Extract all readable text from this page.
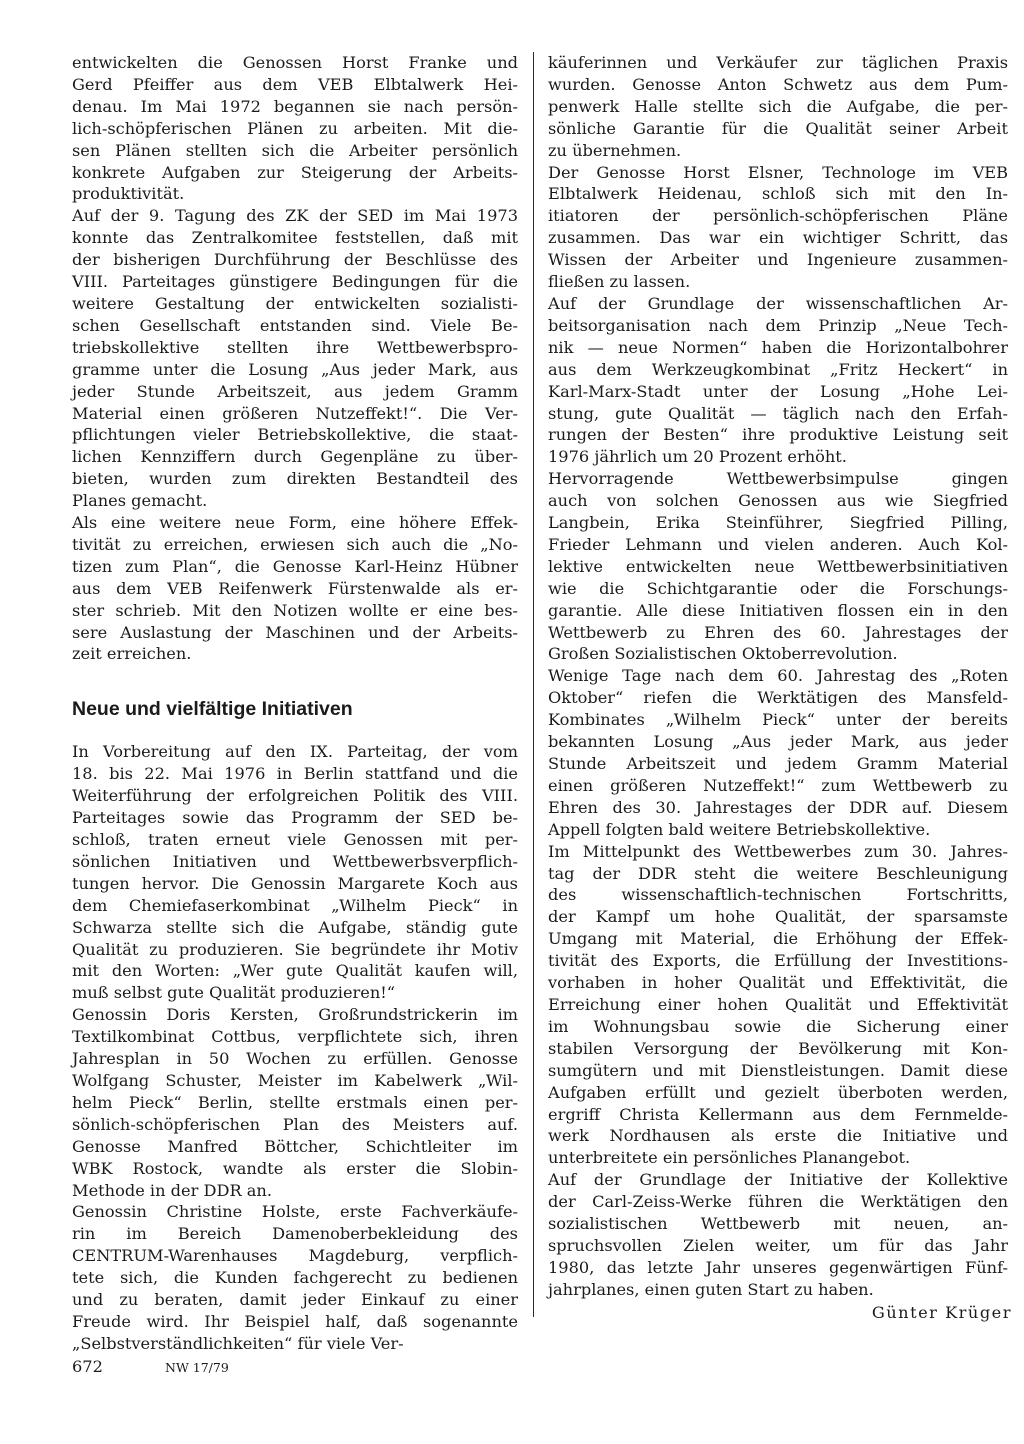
entwickelten die Genossen Horst Franke und
Gerd Pfeiffer aus dem VEB Elbtalwerk Hei-
denau. Im Mai 1972 begannen sie nach persön-
lich-schöpferischen Plänen zu arbeiten. Mit die-
sen Plänen stellten sich die Arbeiter persönlich
konkrete Aufgaben zur Steigerung der Arbeits-
produktivität.
Auf der 9. Tagung des ZK der SED im Mai 1973
konnte das Zentralkomitee feststellen, daß mit
der bisherigen Durchführung der Beschlüsse des
VIII. Parteitages günstigere Bedingungen für die
weitere Gestaltung der entwickelten sozialisti-
schen Gesellschaft entstanden sind. Viele Be-
triebskollektive stellten ihre Wettbewerbspro-
gramme unter die Losung „Aus jeder Mark, aus
jeder Stunde Arbeitszeit, aus jedem Gramm
Material einen größeren Nutzeffekt!“. Die Ver-
pflichtungen vieler Betriebskollektive, die staat-
lichen Kennziffern durch Gegenpläne zu über-
bieten, wurden zum direkten Bestandteil des
Planes gemacht.
Als eine weitere neue Form, eine höhere Effek-
tivität zu erreichen, erwiesen sich auch die „No-
tizen zum Plan“, die Genosse Karl-Heinz Hübner
aus dem VEB Reifenwerk Fürstenwalde als er-
ster schrieb. Mit den Notizen wollte er eine bes-
sere Auslastung der Maschinen und der Arbeits-
zeit erreichen.
Neue und vielfältige Initiativen
In Vorbereitung auf den IX. Parteitag, der vom
18. bis 22. Mai 1976 in Berlin stattfand und die
Weiterführung der erfolgreichen Politik des VIII.
Parteitages sowie das Programm der SED be-
schloß, traten erneut viele Genossen mit per-
sönlichen Initiativen und Wettbewerbsverpflich-
tungen hervor. Die Genossin Margarete Koch aus
dem Chemiefaserkombinat „Wilhelm Pieck“ in
Schwarza stellte sich die Aufgabe, ständig gute
Qualität zu produzieren. Sie begründete ihr Motiv
mit den Worten: „Wer gute Qualität kaufen will,
muß selbst gute Qualität produzieren!“
Genossin Doris Kersten, Großrundstrickerin im
Textilkombinat Cottbus, verpflichtete sich, ihren
Jahresplan in 50 Wochen zu erfüllen. Genosse
Wolfgang Schuster, Meister im Kabelwerk „Wil-
helm Pieck“ Berlin, stellte erstmals einen per-
sönlich-schöpferischen Plan des Meisters auf.
Genosse Manfred Böttcher, Schichtleiter im
WBK Rostock, wandte als erster die Slobin-
Methode in der DDR an.
Genossin Christine Holste, erste Fachverkäufe-
rin im Bereich Damenoberbekleidung des
CENTRUM-Warenhauses Magdeburg, verpflich-
tete sich, die Kunden fachgerecht zu bedienen
und zu beraten, damit jeder Einkauf zu einer
Freude wird. Ihr Beispiel half, daß sogenannte
„Selbstverständlichkeiten“ für viele Ver-
käuferinnen und Verkäufer zur täglichen Praxis
wurden. Genosse Anton Schwetz aus dem Pum-
penwerk Halle stellte sich die Aufgabe, die per-
sönliche Garantie für die Qualität seiner Arbeit
zu übernehmen.
Der Genosse Horst Elsner, Technologe im VEB
Elbtalwerk Heidenau, schloß sich mit den In-
itiatoren der persönlich-schöpferischen Pläne
zusammen. Das war ein wichtiger Schritt, das
Wissen der Arbeiter und Ingenieure zusammen-
fließen zu lassen.
Auf der Grundlage der wissenschaftlichen Ar-
beitsorganisation nach dem Prinzip „Neue Tech-
nik — neue Normen“ haben die Horizontalbohrer
aus dem Werkzeugkombinat „Fritz Heckert“ in
Karl-Marx-Stadt unter der Losung „Hohe Lei-
stung, gute Qualität — täglich nach den Erfah-
rungen der Besten“ ihre produktive Leistung seit
1976 jährlich um 20 Prozent erhöht.
Hervorragende Wettbewerbsimpulse gingen
auch von solchen Genossen aus wie Siegfried
Langbein, Erika Steinführer, Siegfried Pilling,
Frieder Lehmann und vielen anderen. Auch Kol-
lektive entwickelten neue Wettbewerbsinitiativen
wie die Schichtgarantie oder die Forschungs-
garantie. Alle diese Initiativen flossen ein in den
Wettbewerb zu Ehren des 60. Jahrestages der
Großen Sozialistischen Oktoberrevolution.
Wenige Tage nach dem 60. Jahrestag des „Roten
Oktober“ riefen die Werktätigen des Mansfeld-
Kombinates „Wilhelm Pieck“ unter der bereits
bekannten Losung „Aus jeder Mark, aus jeder
Stunde Arbeitszeit und jedem Gramm Material
einen größeren Nutzeffekt!“ zum Wettbewerb zu
Ehren des 30. Jahrestages der DDR auf. Diesem
Appell folgten bald weitere Betriebskollektive.
Im Mittelpunkt des Wettbewerbes zum 30. Jahres-
tag der DDR steht die weitere Beschleunigung
des wissenschaftlich-technischen Fortschritts,
der Kampf um hohe Qualität, der sparsamste
Umgang mit Material, die Erhöhung der Effek-
tivität des Exports, die Erfüllung der Investitions-
vorhaben in hoher Qualität und Effektivität, die
Erreichung einer hohen Qualität und Effektivität
im Wohnungsbau sowie die Sicherung einer
stabilen Versorgung der Bevölkerung mit Kon-
sumgütern und mit Dienstleistungen. Damit diese
Aufgaben erfüllt und gezielt überboten werden,
ergriff Christa Kellermann aus dem Fernmelde-
werk Nordhausen als erste die Initiative und
unterbreitete ein persönliches Planangebot.
Auf der Grundlage der Initiative der Kollektive
der Carl-Zeiss-Werke führen die Werktätigen den
sozialistischen Wettbewerb mit neuen, an-
spruchsvollen Zielen weiter, um für das Jahr
1980, das letzte Jahr unseres gegenwärtigen Fünf-
jahrplanes, einen guten Start zu haben.
Günter Krüger
672	NW 17/79
